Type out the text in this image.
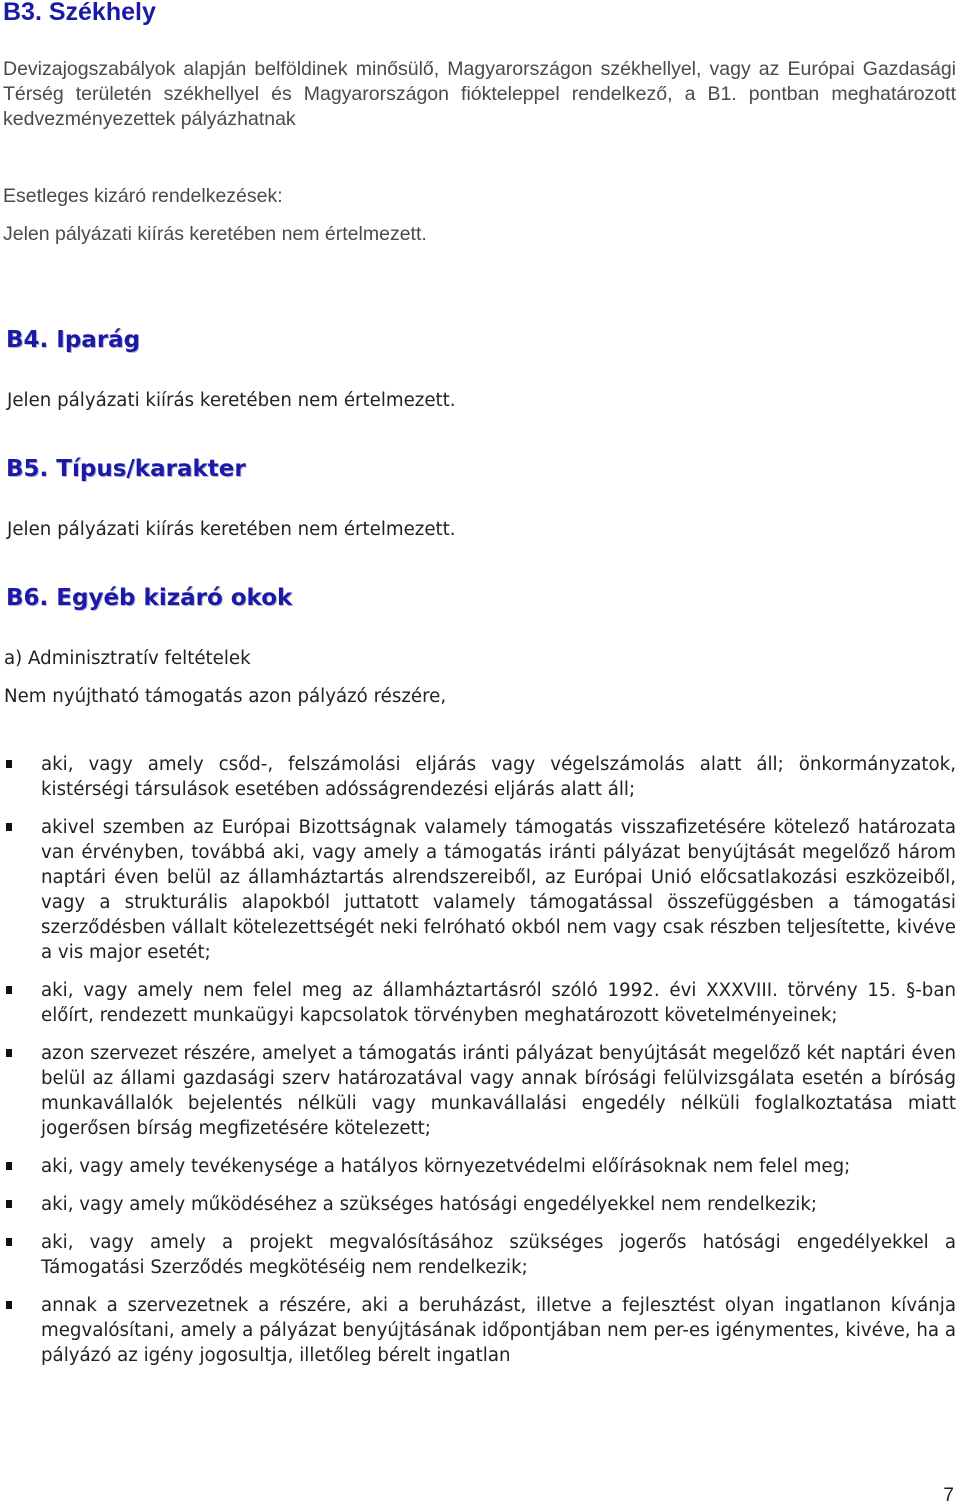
B3. Székhely
Devizajogszabályok alapján belföldinek minősülő, Magyarországon székhellyel, vagy az Európai Gazdasági Térség területén székhellyel és Magyarországon fiókteleppel rendelkező, a B1. pontban meghatározott kedvezményezettek pályázhatnak
Esetleges kizáró rendelkezések:
Jelen pályázati kiírás keretében nem értelmezett.
B4. Iparág
Jelen pályázati kiírás keretében nem értelmezett.
B5. Típus/karakter
Jelen pályázati kiírás keretében nem értelmezett.
B6. Egyéb kizáró okok
a) Adminisztratív feltételek
Nem nyújtható támogatás azon pályázó részére,
aki, vagy amely csőd-, felszámolási eljárás vagy végelszámolás alatt áll; önkormányzatok, kistérségi társulások esetében adósságrendezési eljárás alatt áll;
akivel szemben az Európai Bizottságnak valamely támogatás visszafizetésére kötelező határozata van érvényben, továbbá aki, vagy amely a támogatás iránti pályázat benyújtását megelőző három naptári éven belül az államháztartás alrendszereiből, az Európai Unió előcsatlakozási eszközeiből, vagy a strukturális alapokból juttatott valamely támogatással összefüggésben a támogatási szerződésben vállalt kötelezettségét neki felróható okból nem vagy csak részben teljesítette, kivéve a vis major esetét;
aki, vagy amely nem felel meg az államháztartásról szóló 1992. évi XXXVIII. törvény 15. §-ban előírt, rendezett munkaügyi kapcsolatok törvényben meghatározott követelményeinek;
azon szervezet részére, amelyet a támogatás iránti pályázat benyújtását megelőző két naptári éven belül az állami gazdasági szerv határozatával vagy annak bírósági felülvizsgálata esetén a bíróság munkavállalók bejelentés nélküli vagy munkavállalási engedély nélküli foglalkoztatása miatt jogerősen bírság megfizetésére kötelezett;
aki, vagy amely tevékenysége a hatályos környezetvédelmi előírásoknak nem felel meg;
aki, vagy amely működéséhez a szükséges hatósági engedélyekkel nem rendelkezik;
aki, vagy amely a projekt megvalósításához szükséges jogerős hatósági engedélyekkel a Támogatási Szerződés megkötéséig nem rendelkezik;
annak a szervezetnek a részére, aki a beruházást, illetve a fejlesztést olyan ingatlanon kívánja megvalósítani, amely a pályázat benyújtásának időpontjában nem per-es igénymentes, kivéve, ha a pályázó az igény jogosultja, illetőleg bérelt ingatlan
7
